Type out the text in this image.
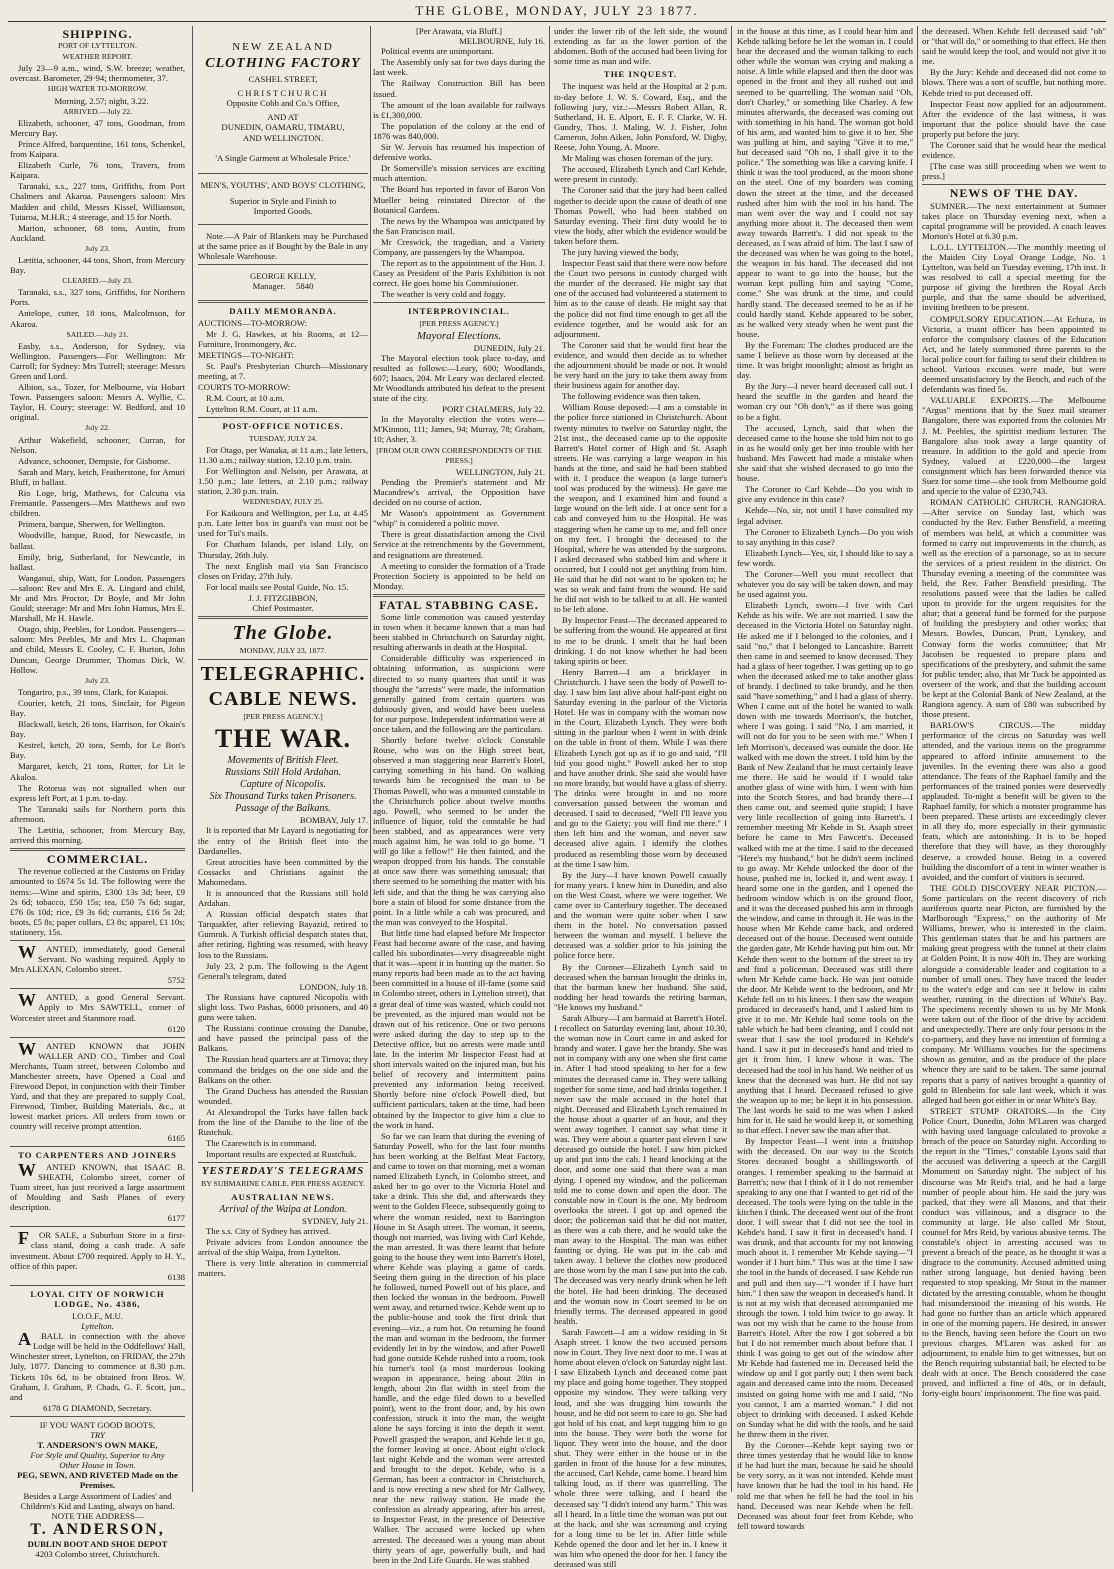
THE GLOBE, MONDAY, JULY 23 1877.
SHIPPING.
PORT OF LYTTELTON.
WEATHER REPORT.

July 23—9 a.m., wind, S.W. breeze; weather, overcast. Barometer, 29·94; thermometer, 37.

HIGH WATER TO-MORROW.

Morning, 2.57; night, 3.22.

ARRIVED.—July 22.

Elizabeth, schooner, 47 tons, Goodman, from Mercury Bay.

Prince Alfred, barquentine, 161 tons, Schenkel, from Kaipara.

Elizabeth Curle, 76 tons, Travers, from Kaipara.

Taranaki, s.s., 227 tons, Griffiths, from Port Chalmers and Akaroa. Passengers saloon: Mrs Madden and child, Messrs Kissel, Williamson, Tutaroa, M.H.R.; 4 steerage, and 15 for North.

Marion, schooner, 68 tons, Austin, from Auckland.

July 23.

Lætitia, schooner, 44 tons, Short, from Mercury Bay.

CLEARED.—July 23.

Taranaki, s.s., 327 tons, Griffiths, for Northern Ports.

Antelope, cutter, 18 tons, Malcolmson, for Akaroa.

SAILED.—July 21.

Easby, s.s., Anderson, for Sydney, via Wellington. Passengers—For Wellington: Mr Carroll; for Sydney: Mrs Turrell; steerage: Messrs Green and Lord.

Albion, s.s., Tozer, for Melbourne, via Hobart Town. Passengers saloon: Messrs A. Wyllie, C. Taylor, H. Coury; steerage: W. Bedford, and 10 original.

July 22.

Arthur Wakefield, schooner, Curran, for Nelson.

Advance, schooner, Dempsie, for Gisborne.

Sarah and Mary, ketch, Featherstone, for Amuri Bluff, in ballast.

Rio Loge, brig, Mathews, for Calcutta via Fremantle. Passengers—Mrs Matthews and two children.

Primera, barque, Sherwen, for Wellington.

Woodville, barque, Rood, for Newcastle, in ballast.

Emily, brig, Sutherland, for Newcastle, in ballast.

Wanganui, ship, Watt, for London. Passengers—saloon: Rev and Mrs E. A. Lingard and child, Mr and Mrs Proctor, Dr Boyle, and Mr John Gould; steerage: Mr and Mrs John Hamus, Mrs E. Marshall, Mr H. Hawle.

Otago, ship, Peebles, for London. Passengers—saloon: Mrs Peebles, Mr and Mrs L. Chapman and child, Messrs E. Cooley, C. F. Burton, John Duncan, George Drummer, Thomas Dick, W. Hollow.

July 23.

Tongariro, p.s., 39 tons, Clark, for Kaiapoi.

Courier, ketch, 21 tons, Sinclair, for Pigeon Bay.

Blackwall, ketch, 26 tons, Harrison, for Okain's Bay.

Kestrel, ketch, 20 tons, Semb, for Le Bon's Bay.

Margaret, ketch, 21 tons, Rutter, for Lit le Akaloa.

The Rotorua was not signalled when our express left Port, at 1 p.m. to-day.

The Taranaki sails for Northern ports this afternoon.

The Lætitia, schooner, from Mercury Bay, arrived this morning.

COMMERCIAL.

The revenue collected at the Customs on Friday amounted to £674 5s 1d. The following were the items:—Wine and spirits, £300 13s 3d; beer, £9 2s 6d; tobacco, £50 15s; tea, £50 7s 6d; sugar, £76 0s 10d; rice, £9 3s 6d; currants, £16 5s 2d; boots, £5 8s; paper collars, £3 8s; apparel, £1 10s; stationery, 15s.

W ANTED, immediately, good General Servant. No washing required. Apply to Mrs ALEXAN, Colombo street.

5752

W ANTED, a good General Servant. Apply to Mrs SAWTELL, corner of Worcester street and Stanmore road.

6120

W ANTED KNOWN that JOHN WALLER AND CO., Timber and Coal Merchants, Tuam street, between Colombo and Manchester streets, have Opened a Coal and Firewood Depot, in conjunction with their Timber Yard, and that they are prepared to supply Coal, Firewood, Timber, Building Materials, &c., at lowest market prices. All orders from town or country will receive prompt attention.

6165
TO CARPENTERS AND JOINERS

W ANTED KNOWN, that ISAAC B. SHEATH, Colombo street, corner of Tuam street, has just received a large assortment of Moulding and Sash Planes of every description.

6177

F OR SALE, a Suburban Store in a first-class stand, doing a cash trade. A safe investment. About £700 required. Apply to H. Y., office of this paper.

6138
LOYAL CITY OF NORWICH LODGE, No. 4386,
I.O.O.F., M.U.
Lyttelton.

A BALL in connection with the above Lodge will be held in the Oddfellows' Hall, Winchester street, Lyttelton, on FRIDAY, the 27th July, 1877. Dancing to commence at 8.30 p.m. Tickets 10s 6d, to be obtained from Bros. W. Graham, J. Graham, P. Chads, G. F. Scott, jun., and

6178 G DIAMOND, Secretary.
IF YOU WANT GOOD BOOTS,
TRY
T. ANDERSON'S OWN MAKE,
For Style and Quality, Superior to Any
Other House in Town.
PEG, SEWN, AND RIVETED Made on the Premises.
Besides a Large Assortment of Ladies' and Children's Kid and Lasting, always on hand.
NOTE THE ADDRESS—
T. ANDERSON,
DUBLIN BOOT AND SHOE DEPOT
4203 Colombo street, Christchurch.
NEW ZEALAND
CLOTHING FACTORY
CASHEL STREET,
CHRISTCHURCH
Opposite Cobb and Co.'s Office,
AND AT
DUNEDIN, OAMARU, TIMARU,
AND WELLINGTON.
'A Single Garment at Wholesale Price.'
MEN'S, YOUTHS', AND BOYS' CLOTHING,
Superior in Style and Finish to
Imported Goods.

Note.—A Pair of Blankets may be Purchased at the same price as if Bought by the Bale in any Wholesale Warehouse.

GEORGE KELLY,
Manager. 5840
DAILY MEMORANDA.

AUCTIONS—TO-MORROW:

Mr J. G. Hawkes, at his Rooms, at 12—Furniture, Ironmongery, &c.

MEETINGS—TO-NIGHT:

St. Paul's Presbyterian Church—Missionary meeting, at 7.

COURTS TO-MORROW:

R.M. Court, at 10 a.m.

Lyttelton R.M. Court, at 11 a.m.

POST-OFFICE NOTICES.
TUESDAY, JULY 24.

For Otago, per Wanaka, at 11 a.m.; late letters, 11.30 a.m.; railway station, 12.10 p.m. train.

For Wellington and Nelson, per Arawata, at 1.50 p.m.; late letters, at 2.10 p.m.; railway station, 2.30 p.m. train.

WEDNESDAY, JULY 25.

For Kaikoura and Wellington, per Lu, at 4.45 p.m. Late letter box in guard's van must not be used for Tui's mails.

For Chatham Islands, per island Lily, on Thursday, 26th July.

The next English mail via San Francisco closes on Friday, 27th July.

For local mails see Postal Guide, No. 15.

J. J. FITZGIBBON,
Chief Postmaster.
The Globe.
MONDAY, JULY 23, 1877.
TELEGRAPHIC.
CABLE NEWS.
[PER PRESS AGENCY.]
THE WAR.
Movements of British Fleet.
Russians Still Hold Ardahan.
Capture of Nicopolis.
Six Thousand Turks taken Prisoners.
Passage of the Balkans.
BOMBAY, July 17.

It is reported that Mr Layard is negotiating for the entry of the British fleet into the Dardanelles.

Great atrocities have been committed by the Cossacks and Christians against the Mahomedans.

It is announced that the Russians still hold Ardahan.

A Russian official despatch states that Tarquakfer, after relieving Bayazid, retired to Gumruk. A Turkish official despatch states that, after retiring, fighting was resumed, with heavy loss to the Russians.

July 23, 2 p.m. The following is the Agent General's telegram, dated

LONDON, July 18.

The Russians have captured Nicopolis with slight loss. Two Pashas, 6000 prisoners, and 40 guns were taken.

The Russians continue crossing the Danube, and have passed the principal pass of the Balkans.

The Russian head quarters are at Tirnova; they command the bridges on the one side and the Balkans on the other.

The Grand Duchess has attended the Russian wounded.

At Alexandropol the Turks have fallen back from the line of the Danube to the line of the Rustchuk.

The Czarewitch is in command.

Important results are expected at Rustchuk.

YESTERDAY'S TELEGRAMS
BY SUBMARINE CABLE. PER PRESS AGENCY.
AUSTRALIAN NEWS.
Arrival of the Waipa at London.
SYDNEY, July 21.

The s.s. City of Sydney has arrived.

Private advices from London announce the arrival of the ship Waipa, from Lyttelton.

There is very little alteration in commercial matters.

[Per Arawata, via Bluff.]
MELBOURNE, July 16.

Political events are unimportant.

The Assembly only sat for two days during the last week.

The Railway Construction Bill has been issued.

The amount of the loan available for railways is £1,300,000.

The population of the colony at the end of 1876 was 840,000.

Sir W. Jervois has resumed his inspection of defensive works.

Dr Somerville's mission services are exciting much attention.

The Board has reported in favor of Baron Von Mueller being reinstated Director of the Botanical Gardens.

The news by the Whampoa was anticipated by the San Francisco mail.

Mr Creswick, the tragedian, and a Variety Company, are passengers by the Whampoa.

The report as to the appointment of the Hon. J. Casey as President of the Paris Exhibition is not correct. He goes home his Commissioner.

The weather is very cold and foggy.

INTERPROVINCIAL.
[PER PRESS AGENCY.]
Mayoral Elections.
DUNEDIN, July 21.

The Mayoral election took place to-day, and resulted as follows:—Leary, 600; Woodlands, 607; Isaacs, 204. Mr Leary was declared elected. Mr Woodlands attributed his defeat to the present state of the city.

PORT CHALMERS, July 22.

In the Mayoralty election the votes were—M'Kinnon, 111; James, 94; Murray, 78; Graham, 10; Asher, 3.

[FROM OUR OWN CORRESPONDENTS OF THE PRESS.]
WELLINGTON, July 21.

Pending the Premier's statement and Mr Macandrew's arrival, the Opposition have decided on no course of action.

Mr Wason's appointment as Government "whip" is considered a politic move.

There is great dissatisfaction among the Civil Service at the retrenchments by the Government, and resignations are threatened.

A meeting to consider the formation of a Trade Protection Society is appointed to be held on Monday.

FATAL STABBING CASE.

Some little commotion was caused yesterday in town when it became known that a man had been stabbed in Christchurch on Saturday night, resulting afterwards in death at the Hospital.

Considerable difficulty was experienced in obtaining information, as suspicions were directed to so many quarters that until it was thought the "arrests" were made, the information generally gained from certain quarters was dubiously given, and would have been useless for our purpose. Independent information were at once taken, and the following are the particulars.

Shortly before twelve o'clock Constable Rouse, who was on the High street beat, observed a man staggering near Barrett's Hotel, carrying something in his hand. On walking towards him he recognised the man to be Thomas Powell, who was a mounted constable in the Christchurch police about twelve months ago. Powell, who seemed to be under the influence of liquor, told the constable he had been stabbed, and as appearances were very much against him, he was told to go home. "I will go like a fellow!" He then fainted, and the weapon dropped from his hands. The constable at once saw there was something unusual; that there seemed to be something the matter with his left side, and that the thing he was carrying also bore a stain of blood for some distance from the point. In a little while a cab was procured, and the man was conveyed to the Hospital.

But little time had elapsed before Mr Inspector Feast had become aware of the case, and having called his subordinates—very disagreeable night that it was—spent it in hunting up the matter. So many reports had been made as to the act having been committed in a house of ill-fame (some said in Colombo street, others in Lyttelton street), that a great deal of time was wasted, which could not be prevented, as the injured man would not be drawn out of his reticence. One or two persons were asked during the day to step up to the Detective office, but no arrests were made until late. In the interim Mr Inspector Feast had at short intervals waited on the injured man, but his belief of recovery and intermittent pains prevented any information being received. Shortly before nine o'clock Powell died, but sufficient particulars, taken at the time, had been obtained by the Inspector to give him a clue to the work in hand.

So far we can learn that during the evening of Saturday Powell, who for the last four months has been working at the Belfast Meat Factory, and came to town on that morning, met a woman named Elizabeth Lynch, in Colombo street, and asked her to go over to the Victoria Hotel and take a drink. This she did, and afterwards they went to the Golden Fleece, subsequently going to where the woman resided, next to Barrington House in St Asaph street. The woman, it seems, though not married, was living with Carl Kehde, the man arrested. It was there learnt that before going to the house they went into Barrett's Hotel, where Kehde was playing a game of cards. Seeing them going in the direction of his place he followed, turned Powell out of his place, and then locked the woman in the bedroom. Powell went away, and returned twice. Kehde went up to the public-house and took the first drink that evening—viz., a rum hot. On returning he found the man and woman in the bedroom, the former evidently let in by the window, and after Powell had gone outside Kehde rushed into a room, took his turner's tool (a most murderous looking weapon in appearance, being about 20in in length, about 2in flat width in steel from the handle, and the edge filed down to a bevelled point), went to the front door, and, by his own confession, struck it into the man, the weight alone he says forcing it into the depth it went. Powell grasped the weapon, and Kehde let it go, the former leaving at once. About eight o'clock last night Kehde and the woman were arrested and brought to the depot. Kehde, who is a German, has been a contractor in Christchurch, and is now erecting a new shed for Mr Gallwey, near the new railway station. He made the confession as already appearing, after his arrest, to Inspector Feast, in the presence of Detective Walker. The accused were locked up when arrested. The deceased was a young man about thirty years of age, powerfully built, and had been in the 2nd Life Guards. He was stabbed

under the lower rib of the left side, the wound extending as far as the lower portion of the abdomen. Both of the accused had been living for some time as man and wife.

THE INQUEST.

The inquest was held at the Hospital at 2 p.m. to-day before J. W. S. Coward, Esq., and the following jury, viz.:—Messrs Robert Allan, R. Sutherland, H. E. Alport, E. F. F. Clarke, W. H. Gundry, Thos. J. Maling, W. J. Fisher, John Cameron, John Aiken, John Ponsford, W. Digby, Reese, John Young, A. Moore.

Mr Maling was chosen foreman of the jury.

The accused, Elizabeth Lynch and Carl Kehde, were present in custody.

The Coroner said that the jury had been called together to decide upon the cause of death of one Thomas Powell, who had been stabbed on Saturday evening. Their first duty would be to view the body, after which the evidence would be taken before them.

The jury having viewed the body,

Inspector Feast said that there were now before the Court two persons in custody charged with the murder of the deceased. He might say that one of the accused had volunteered a statement to him as to the cause of death. He might say that the police did not find time enough to get all the evidence together, and he would ask for an adjournment.

The Coroner said that he would first hear the evidence, and would then decide as to whether the adjournment should be made or not. It would be very hard on the jury to take them away from their business again for another day.

The following evidence was then taken.

William Rouse deposed:—I am a constable in the police force stationed in Christchurch. About twenty minutes to twelve on Saturday night, the 21st inst., the deceased came up to the opposite Barrett's Hotel corner of High and St. Asaph streets. He was carrying a large weapon in his hands at the time, and said he had been stabbed with it. I produce the weapon (a large turner's tool was produced by the witness). He gave me the weapon, and I examined him and found a large wound on the left side. I at once sent for a cab and conveyed him to the Hospital. He was staggering when he came up to me, and fell once on my feet. I brought the deceased to the Hospital, where he was attended by the surgeons. I asked deceased who stabbed him and where it occurred, but I could not get anything from him. He said that he did not want to be spoken to; he was so weak and faint from the wound. He said he did not wish to be talked to at all. He wanted to be left alone.

By Inspector Feast—The deceased appeared to be suffering from the wound. He appeared at first to me to be drunk. I smelt that he had been drinking. I do not know whether he had been taking spirits or beer.

Henry Barrett—I am a bricklayer in Christchurch. I have seen the body of Powell to-day. I saw him last alive about half-past eight on Saturday evening in the parlour of the Victoria Hotel. He was in company with the woman now in the Court, Elizabeth Lynch. They were both sitting in the parlour when I went in with drink on the table in front of them. While I was there Elizabeth Lynch got up as if to go and said, "I'll bid you good night." Powell asked her to stop and have another drink. She said she would have no more brandy, but would have a glass of sherry. The drinks were brought in and no more conversation passed between the woman and deceased. I said to deceased, "Well I'll leave you and go to the Gaiety; you will find me there." I then left him and the woman, and never saw deceased alive again. I identify the clothes produced as resembling those worn by deceased at the time I saw him.

By the Jury—I have known Powell casually for many years. I knew him in Dunedin, and also on the West Coast, where we were together. We came over to Canterbury together. The deceased and the woman were quite sober when I saw them in the hotel. No conversation passed between the woman and myself. I believe the deceased was a soldier prior to his joining the police force here.

By the Coroner—Elizabeth Lynch said to deceased when the barman brought the drinks in, that the barman knew her husband. She said, nodding her head towards the retiring barman, "He knows my husband."

Sarah Albury—I am barmaid at Barrett's Hotel. I recollect on Saturday evening last, about 10.30, the woman now in Court came in and asked for brandy and water. I gave her the brandy. She was not in company with any one when she first came in. After I had stood speaking to her for a few minutes the deceased came in. They were talking together for some time, and had drinks together. I never saw the male accused in the hotel that night. Deceased and Elizabeth Lynch remained in the house about a quarter of an hour, and they went away together. I cannot say what time it was. They were about a quarter past eleven I saw deceased go outside the hotel. I saw him picked up and put into the cab. I heard knocking at the door, and some one said that there was a man dying. I opened my window, and the policeman told me to come down and open the door. The constable now in Court is the one. My bedroom overlooks the street. I got up and opened the door; the policeman said that he did not matter, as there was a cab there, and he would take the man away to the Hospital. The man was either fainting or dying. He was put in the cab and taken away. I believe the clothes now produced are those worn by the man I saw put into the cab. The deceased was very nearly drunk when he left the hotel. He had been drinking. The deceased and the woman now in Court seemed to be on friendly terms. The deceased appeared in good health.

Sarah Fawcett—I am a widow residing in St Asaph street. I know the two accused persons now in Court. They live next door to me. I was at home about eleven o'clock on Saturday night last. I saw Elizabeth Lynch and deceased come past my place and going home together. They stopped opposite my window. They were talking very loud, and she was dragging him towards the house, and he did not seem to care to go. She had got hold of his coat, and kept tugging him to go into the house. They were both the worse for liquor. They went into the house, and the door shut. They were either in the house or in the garden in front of the house for a few minutes, the accused, Carl Kehde, came home. I heard him talking loud, as if there was quarrelling. The whole three were talking, and I heard the deceased say "I didn't intend any harm." This was all I heard. In a little time the woman was put out at the back, and she was screaming and crying for a long time to be let in. After little while Kehde opened the door and let her in. I knew it was him who opened the door for her. I fancy the deceased was still

in the house at this time, as I could hear him and Kehde talking before he let the woman in. I could hear the deceased and the woman talking to each other while the woman was crying and making a noise. A little while elapsed and then the door was opened in the front and they all rushed out and seemed to be quarrelling. The woman said "Oh, don't Charley," or something like Charley. A few minutes afterwards, the deceased was coming out with something in his hand. The woman got hold of his arm, and wanted him to give it to her. She was pulling at him, and saying "Give it to me," but deceased said "Oh no, I shall give it to the police." The something was like a carving knife. I think it was the tool produced, as the moon shone on the steel. One of my boarders was coming down the street at the time, and the deceased rushed after him with the tool in his hand. The man went over the way and I could not say anything more about it. The deceased then went away towards Barrett's. I did not speak to the deceased, as I was afraid of him. The last I saw of the deceased was when he was going to the hotel, the weapon in his hand. The deceased did not appear to want to go into the house, but the woman kept pulling him and saying "Come, come." She was drunk at the time, and could hardly stand. The deceased seemed to be as if he could hardly stand. Kehde appeared to be sober, as he walked very steady when he went past the house.

By the Foreman: The clothes produced are the same I believe as those worn by deceased at the time. It was bright moonlight; almost as bright as day.

By the Jury—I never heard deceased call out. I heard the scuffle in the garden and heard the woman cry out "Oh don't," as if there was going to be a fight.

The accused, Lynch, said that when the deceased came to the house she told him not to go in as he would only get her into trouble with her husband. Mrs Fawcett had made a mistake when she said that she wished deceased to go into the house.

The Coroner to Carl Kehde—Do you wish to give any evidence in this case?

Kehde—No, sir, not until I have consulted my legal adviser.

The Coroner to Elizabeth Lynch—Do you wish to say anything in this case?

Elizabeth Lynch—Yes, sir, I should like to say a few words.

The Coroner—Well you must recollect that whatever you do say will be taken down, and may be used against you.

Elizabeth Lynch, sworn—I live with Carl Kehde as his wife. We are not married. I saw the deceased in the Victoria Hotel on Saturday night. He asked me if I belonged to the colonies, and I said "no," that I belonged to Lancashire. Barrett then came in and seemed to know deceased. They had a glass of beer together. I was getting up to go when the deceased asked me to take another glass of brandy. I declined to take brandy, and he then said "have something," and I had a glass of sherry. When I came out of the hotel he wanted to walk down with me towards Morrison's, the butcher, where I was going. I said "No, I am married, it will not do for you to be seen with me." When I left Morrison's, deceased was outside the door. He walked with me down the street. I told him by the Bank of New Zealand that he must certainly leave me there. He said he would if I would take another glass of wine with him. I went with him into the Scotch Stores, and had brandy there—I then came out, and seemed quite stupid; I have very little recollection of going into Barrett's. I remember meeting Mr Kehde in St. Asaph street before he came to Mrs Fawcett's. Deceased walked with me at the time. I said to the deceased "Here's my husband," but he didn't seem inclined to go away. Mr Kehde unlocked the door of the house, pushed me in, locked it, and went away. I heard some one in the garden, and I opened the bedroom window which is on the ground floor, and it was the deceased pushed his arm in through the window, and came in through it. He was in the house when Mr Kehde came back, and ordered deceased out of the house. Deceased went outside the garden gate, Mr Kehde having put him out. Mr Kehde then went to the bottom of the street to try and find a policeman. Deceased was still there when Mr Kehde came back. He was just outside the door. Mr Kehde went to the bedroom, and Mr Kehde fell on to his knees. I then saw the weapon produced in deceased's hand, and I asked him to give it to me. Mr Kehde had some tools on the table which he had been cleaning, and I could not swear that I saw the tool produced in Kehde's hand. I saw it put in deceased's hand and tried to get it from him. I knew whose it was. The deceased had the tool in his hand. We neither of us knew that the deceased was hurt. He did not say anything that I heard. Deceased refused to give the weapon up to me; he kept it in his possession. The last words he said to me was when I asked him for it. He said he would keep it, or something to that effect. I never saw the man after that.

By Inspector Feast—I went into a fruitshop with the deceased. On our way to the Scotch Stores deceased bought a shillingsworth of oranges. I remember speaking to the barmaid at Barrett's; now that I think of it I do not remember speaking to any one that I wanted to get rid of the deceased. The tools were lying on the table in the kitchen I think. The deceased went out of the front door. I will swear that I did not see the tool in Kehde's hand. I saw it first in deceased's hand. I was drunk, and that accounts for my not knowing much about it. I remember Mr Kehde saying—"I wonder if I hurt him." This was at the time I saw the tool in the hands of deceased. I saw Kehde run and pull and then say—"I wonder if I have hurt him." I then saw the weapon in deceased's hand. It is not at my wish that deceased accompanied me through the town. I told him twice to go away. It was not my wish that he came to the house from Barrett's Hotel. After the row I got sobered a bit but I do not remember much about before that. I think I was going to get out of the window after Mr Kehde had fastened me in. Deceased held the window up and I got partly out; I then went back again and deceased came into the room. Deceased insisted on going home with me and I said, "No you cannot, I am a married woman." I did not object to drinking with deceased. I asked Kehde on Sunday what he did with the tools, and he said he threw them in the river.

By the Coroner—Kehde kept saying two or three times yesterday that he would like to know if he had hurt the man, because he said he should be very sorry, as it was not intended. Kehde must have known that he had the tool in his hand. He told me that when he fell he had the tool in his hand. Deceased was near Kehde when he fell. Deceased was about four feet from Kehde, who fell toward towards

the deceased. When Kehde fell deceased said "oh" or "that will do," or something to that effect. He then said he would keep the tool, and would not give it to me.

By the Jury: Kehde and deceased did not come to blows. There was a sort of scuffle, but nothing more. Kehde tried to put deceased off.

Inspector Feast now applied for an adjournment. After the evidence of the last witness, it was important that the police should have the case properly put before the jury.

The Coroner said that he would hear the medical evidence.

[The case was still proceeding when we went to press.]

NEWS OF THE DAY.

SUMNER.—The next entertainment at Sumner takes place on Thursday evening next, when a capital programme will be provided. A coach leaves Morton's Hotel at 6.30 p.m.

L.O.L. LYTTELTON.—The monthly meeting of the Maiden City Loyal Orange Lodge, No. 1 Lyttelton, was held on Tuesday evening, 17th inst. It was resolved to call a special meeting for the purpose of giving the brethren the Royal Arch purple, and that the same should be advertised, inviting brethren to be present.

COMPULSORY EDUCATION.—At Echuca, in Victoria, a truant officer has been appointed to enforce the compulsory clauses of the Education Act, and he lately summoned three parents to the local police court for failing to send their children to school. Various excuses were made, but were deemed unsatisfactory by the Bench, and each of the defendants was fined 5s.

VALUABLE EXPORTS.—The Melbourne "Argus" mentions that by the Suez mail steamer Bangalore, there was exported from the colonies Mr J. M. Peebles, the spiritist medium lecturer. The Bangalore also took away a large quantity of treasure. In addition to the gold and specie from Sydney, valued at £220,000—the largest consignment which has been forwarded thence via Suez for some time—she took from Melbourne gold and specie to the value of £230,743.

ROMAN CATHOLIC CHURCH, RANGIORA.—After service on Sunday last, which was conducted by the Rev. Father Bensfield, a meeting of members was held, at which a committee was formed to carry out improvements in the church, as well as the erection of a parsonage, so as to secure the services of a priest resident in the district. On Thursday evening a meeting of the committee was held, the Rev. Father Bensfield presiding. The resolutions passed were that the ladies be called upon to provide for the urgent requisites for the altar; that a general fund be formed for the purpose of building the presbytery and other works; that Messrs. Bowles, Duncan, Pratt, Lynskey, and Conway form the works committee; that Mr Jacobsen be requested to prepare plans and specifications of the presbytery, and submit the same for public tender; also, that Mr Tuck be appointed as overseer of the work, and that the building account be kept at the Colonial Bank of New Zealand, at the Rangiora agency. A sum of £80 was subscribed by those present.

BARLOW'S CIRCUS.—The midday performance of the circus on Saturday was well attended, and the various items on the programme appeared to afford infinite amusement to the juveniles. In the evening there was also a good attendance. The feats of the Raphael family and the performances of the trained ponies were deservedly applauded. To-night a benefit will be given to the Raphael family, for which a monster programme has been prepared. These artists are exceedingly clever in all they do, more especially in their gymnastic feats, which are astonishing. It is to be hoped therefore that they will have, as they thoroughly deserve, a crowded house. Being in a covered building the discomfort of a tent in winter weather is avoided, and the comfort of visitors is secured.

THE GOLD DISCOVERY NEAR PICTON.—Some particulars on the recent discovery of rich auriferous quartz near Picton, are furnished by the Marlborough "Express," on the authority of Mr Williams, brewer, who is interested in the claim. This gentleman states that he and his partners are making great progress with the tunnel at their claim at Golden Point. It is now 40ft in. They are working alongside a considerable leader and cogitation to a number of small ones. They have traced the leader to the water's edge and can see it below in calm weather, running in the direction of White's Bay. The specimens recently shown to us by Mr Monk were taken out of the floor of the drive by accident and unexpectedly. There are only four persons in the co-partnery, and they have no intention of forming a company. Mr Williams vouches for the specimens shown as genuine, and as the produce of the place whence they are said to be taken. The same journal reports that a party of natives brought a quantity of gold to Blenheim for sale last week, which it was alleged had been got either in or near White's Bay.

STREET STUMP ORATORS.—In the City Police Court, Dunedin, John M'Laren was charged with having used language calculated to provoke a breach of the peace on Saturday night. According to the report in the "Times," constable Lyons said that the accused was delivering a speech at the Cargill Monument on Saturday night. The subject of his discourse was Mr Reid's trial, and he had a large number of people about him. He said the jury was packed, that they were all Masons, and that their conduct was villainous, and a disgrace to the community at large. He also called Mr Stout, counsel for Mrs Reid, by various abusive terms. The constable's object in arresting accused was to prevent a breach of the peace, as he thought it was a disgrace to the community. Accused admitted using rather strong language, but denied having been requested to stop speaking. Mr Stout in the manner dictated by the arresting constable, whom he thought had misunderstood the meaning of his words. He had gone no further than an article which appeared in one of the morning papers. He desired, in answer to the Bench, having seen before the Court on two previous charges. M'Laren was asked for an adjournment, to enable him to get witnesses, but on the Bench requiring substantial bail, he elected to be dealt with at once. The Bench considered the case proved, and inflicted a fine of 40s, or in default, forty-eight hours' imprisonment. The fine was paid.
